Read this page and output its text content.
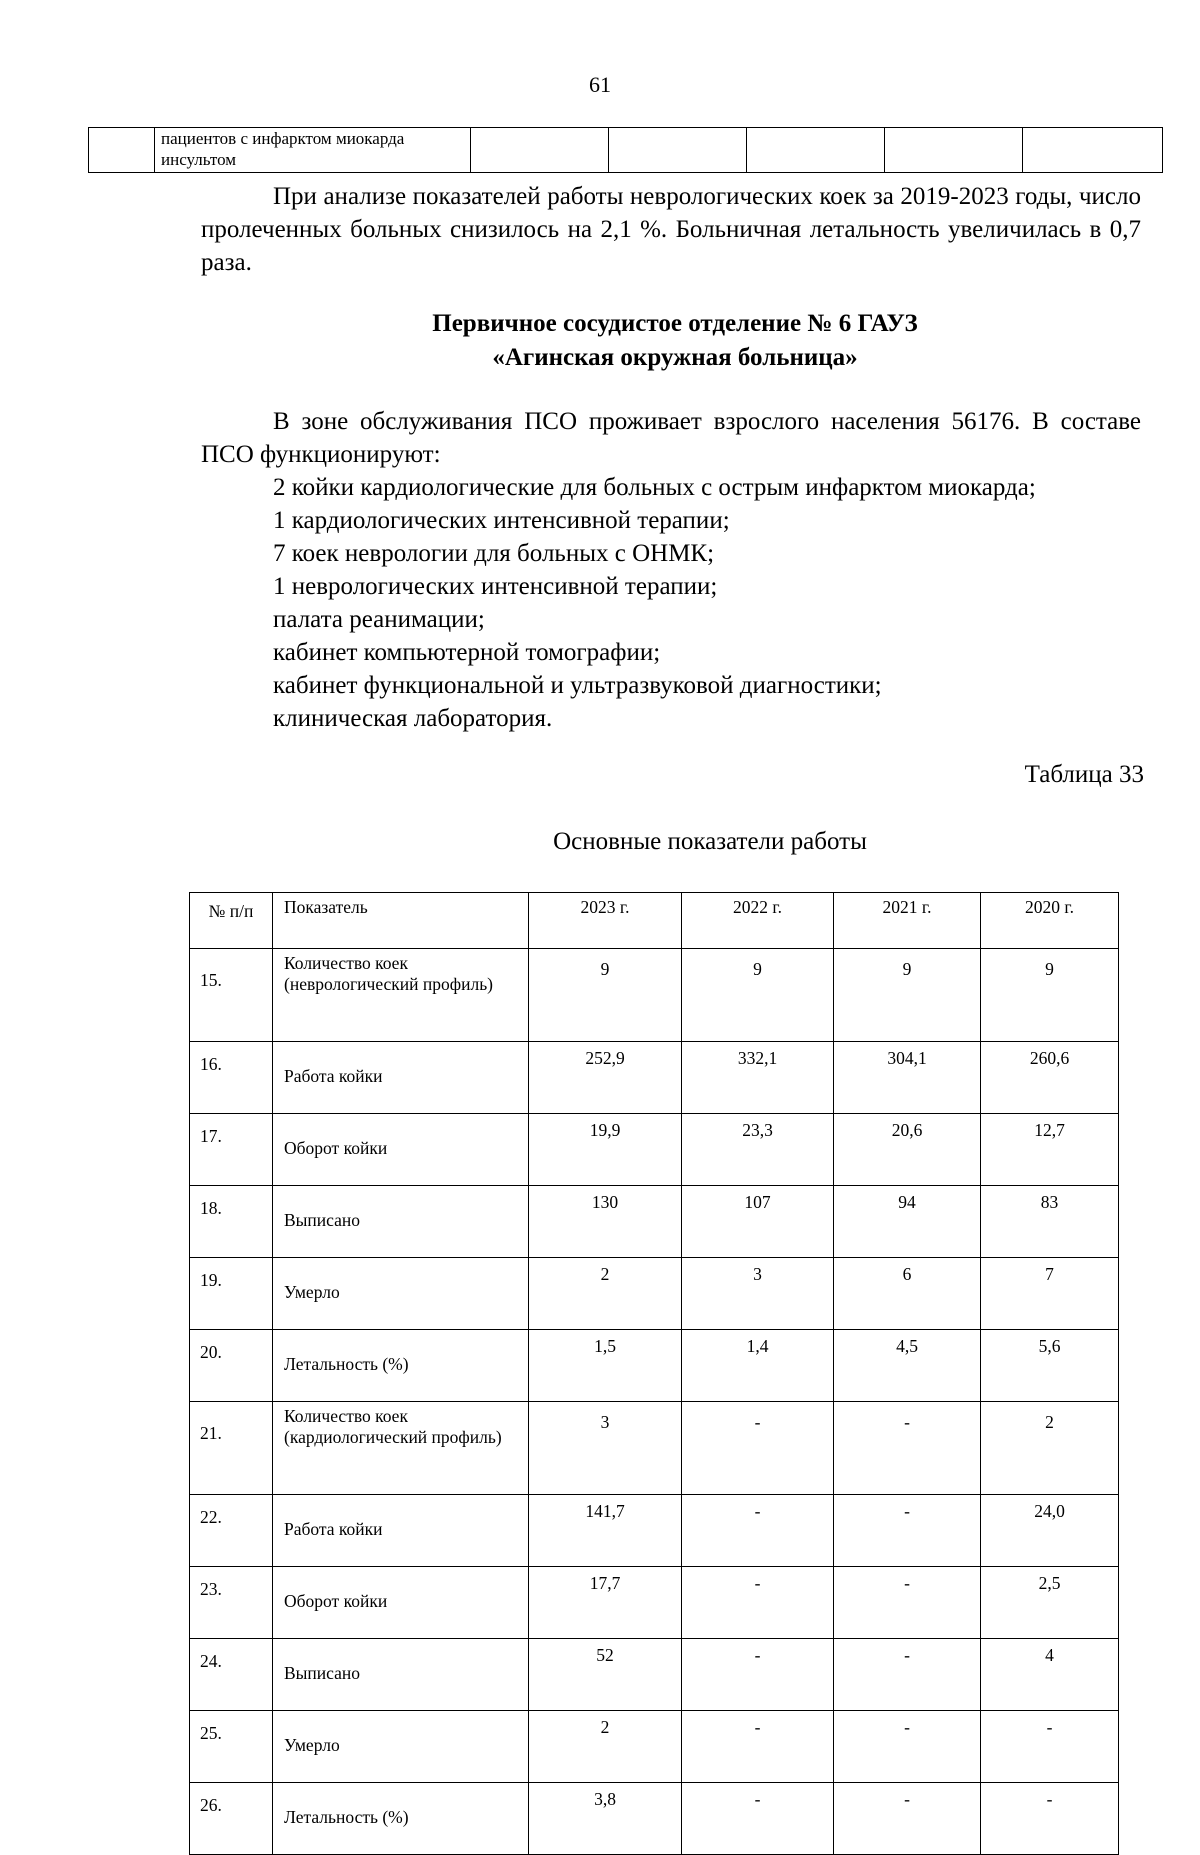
61
	пациентов с инфарктом миокарда инсультом					
При анализе показателей работы неврологических коек за 2019-2023 годы, число пролеченных больных снизилось на 2,1 %. Больничная летальность увеличилась в 0,7 раза.
Первичное сосудистое отделение № 6 ГАУЗ
«Агинская окружная больница»
В зоне обслуживания ПСО проживает взрослого населения 56176. В составе ПСО функционируют:
2 койки кардиологические для больных с острым инфарктом миокарда;
1 кардиологических интенсивной терапии;
7 коек неврологии для больных с ОНМК;
1 неврологических интенсивной терапии;
палата реанимации;
кабинет компьютерной томографии;
кабинет функциональной и ультразвуковой диагностики;
клиническая лаборатория.
Таблица 33
Основные показатели работы
№ п/п	Показатель	2023 г.	2022 г.	2021 г.	2020 г.
15.	Количество коек (неврологический профиль)	9	9	9	9
16.	Работа койки	252,9	332,1	304,1	260,6
17.	Оборот койки	19,9	23,3	20,6	12,7
18.	Выписано	130	107	94	83
19.	Умерло	2	3	6	7
20.	Летальность (%)	1,5	1,4	4,5	5,6
21.	Количество коек (кардиологический профиль)	3	-	-	2
22.	Работа койки	141,7	-	-	24,0
23.	Оборот койки	17,7	-	-	2,5
24.	Выписано	52	-	-	4
25.	Умерло	2	-	-	-
26.	Летальность (%)	3,8	-	-	-
